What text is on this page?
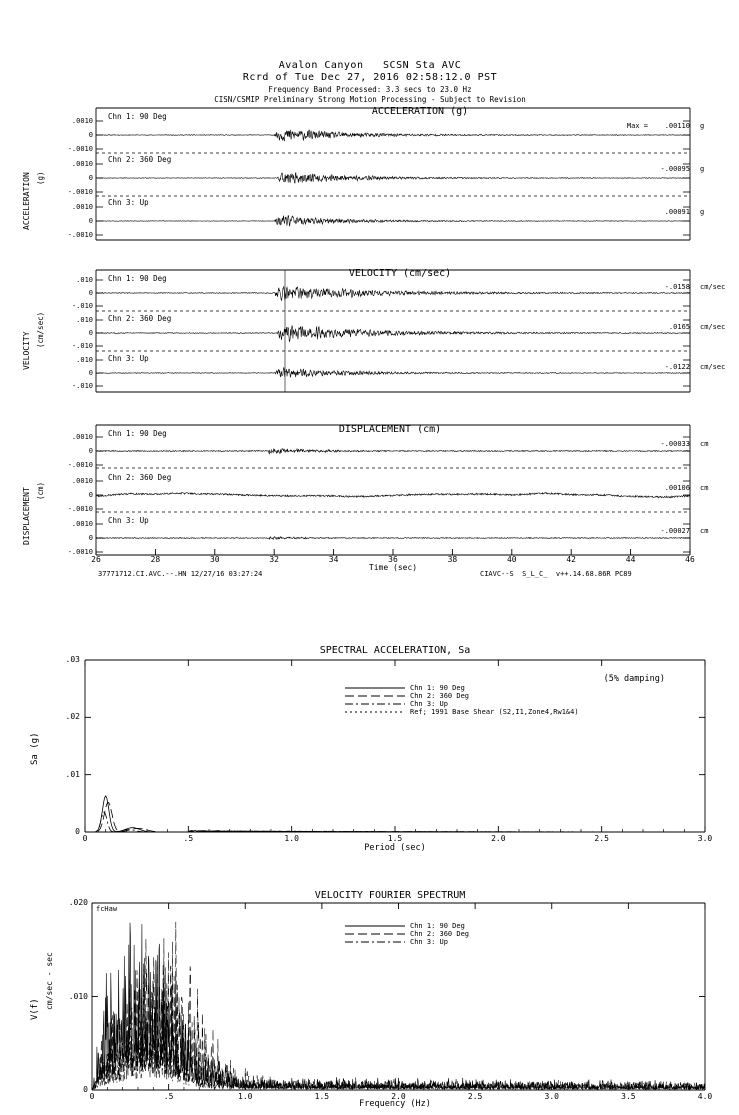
Avalon Canyon   SCSN Sta AVC
Rcrd of Tue Dec 27, 2016 02:58:12.0 PST
Frequency Band Processed: 3.3 secs to 23.0 Hz
CISN/CSMIP Preliminary Strong Motion Processing - Subject to Revision
ACCELERATION (g)
ACCELERATION (g)
.0010
0
-.0010
.0010
0
-.0010
.0010
0
-.0010
Chn 1: 90 Deg
Chn 2: 360 Deg
Chn 3: Up
Max = .00110 g
-.00095 g
.00091 g
VELOCITY (cm/sec)
VELOCITY
(cm/sec)
.010
0
-.010
.010
0
-.010
.010
0
-.010
Chn 1: 90 Deg
Chn 2: 360 Deg
Chn 3: Up
-.0158 cm/sec
.0165 cm/sec
-.0122 cm/sec
DISPLACEMENT (cm)
DISPLACEMENT (cm)
.0010
0
-.0010
.0010
0
-.0010
.0010
0
-.0010
Chn 1: 90 Deg
Chn 2: 360 Deg
Chn 3: Up
-.00033 cm
.00106 cm
-.00027 cm
26	28	30	32	34	36	38	40	42	44	46
Time (sec)
37771712.CI.AVC.--.HN 12/27/16 03:27:24	CIAVC--S  S_L_C_  v++.14.68.86R PC89
SPECTRAL ACCELERATION, Sa
Sa (g)
Period (sec)
(5% damping)
0
.01
.02
.03
0	.5	1.0	1.5	2.0	2.5	3.0
Chn 1: 90 Deg
Chn 2: 360 Deg
Chn 3: Up
Ref; 1991 Base Shear (S2,I1,Zone4,Rw1&4)
VELOCITY FOURIER SPECTRUM
V(f) cm/sec - sec
Frequency (Hz)
fcHaw
0
.010
.020
0	.5	1.0	1.5	2.0	2.5	3.0	3.5	4.0
Chn 1: 90 Deg
Chn 2: 360 Deg
Chn 3: Up
